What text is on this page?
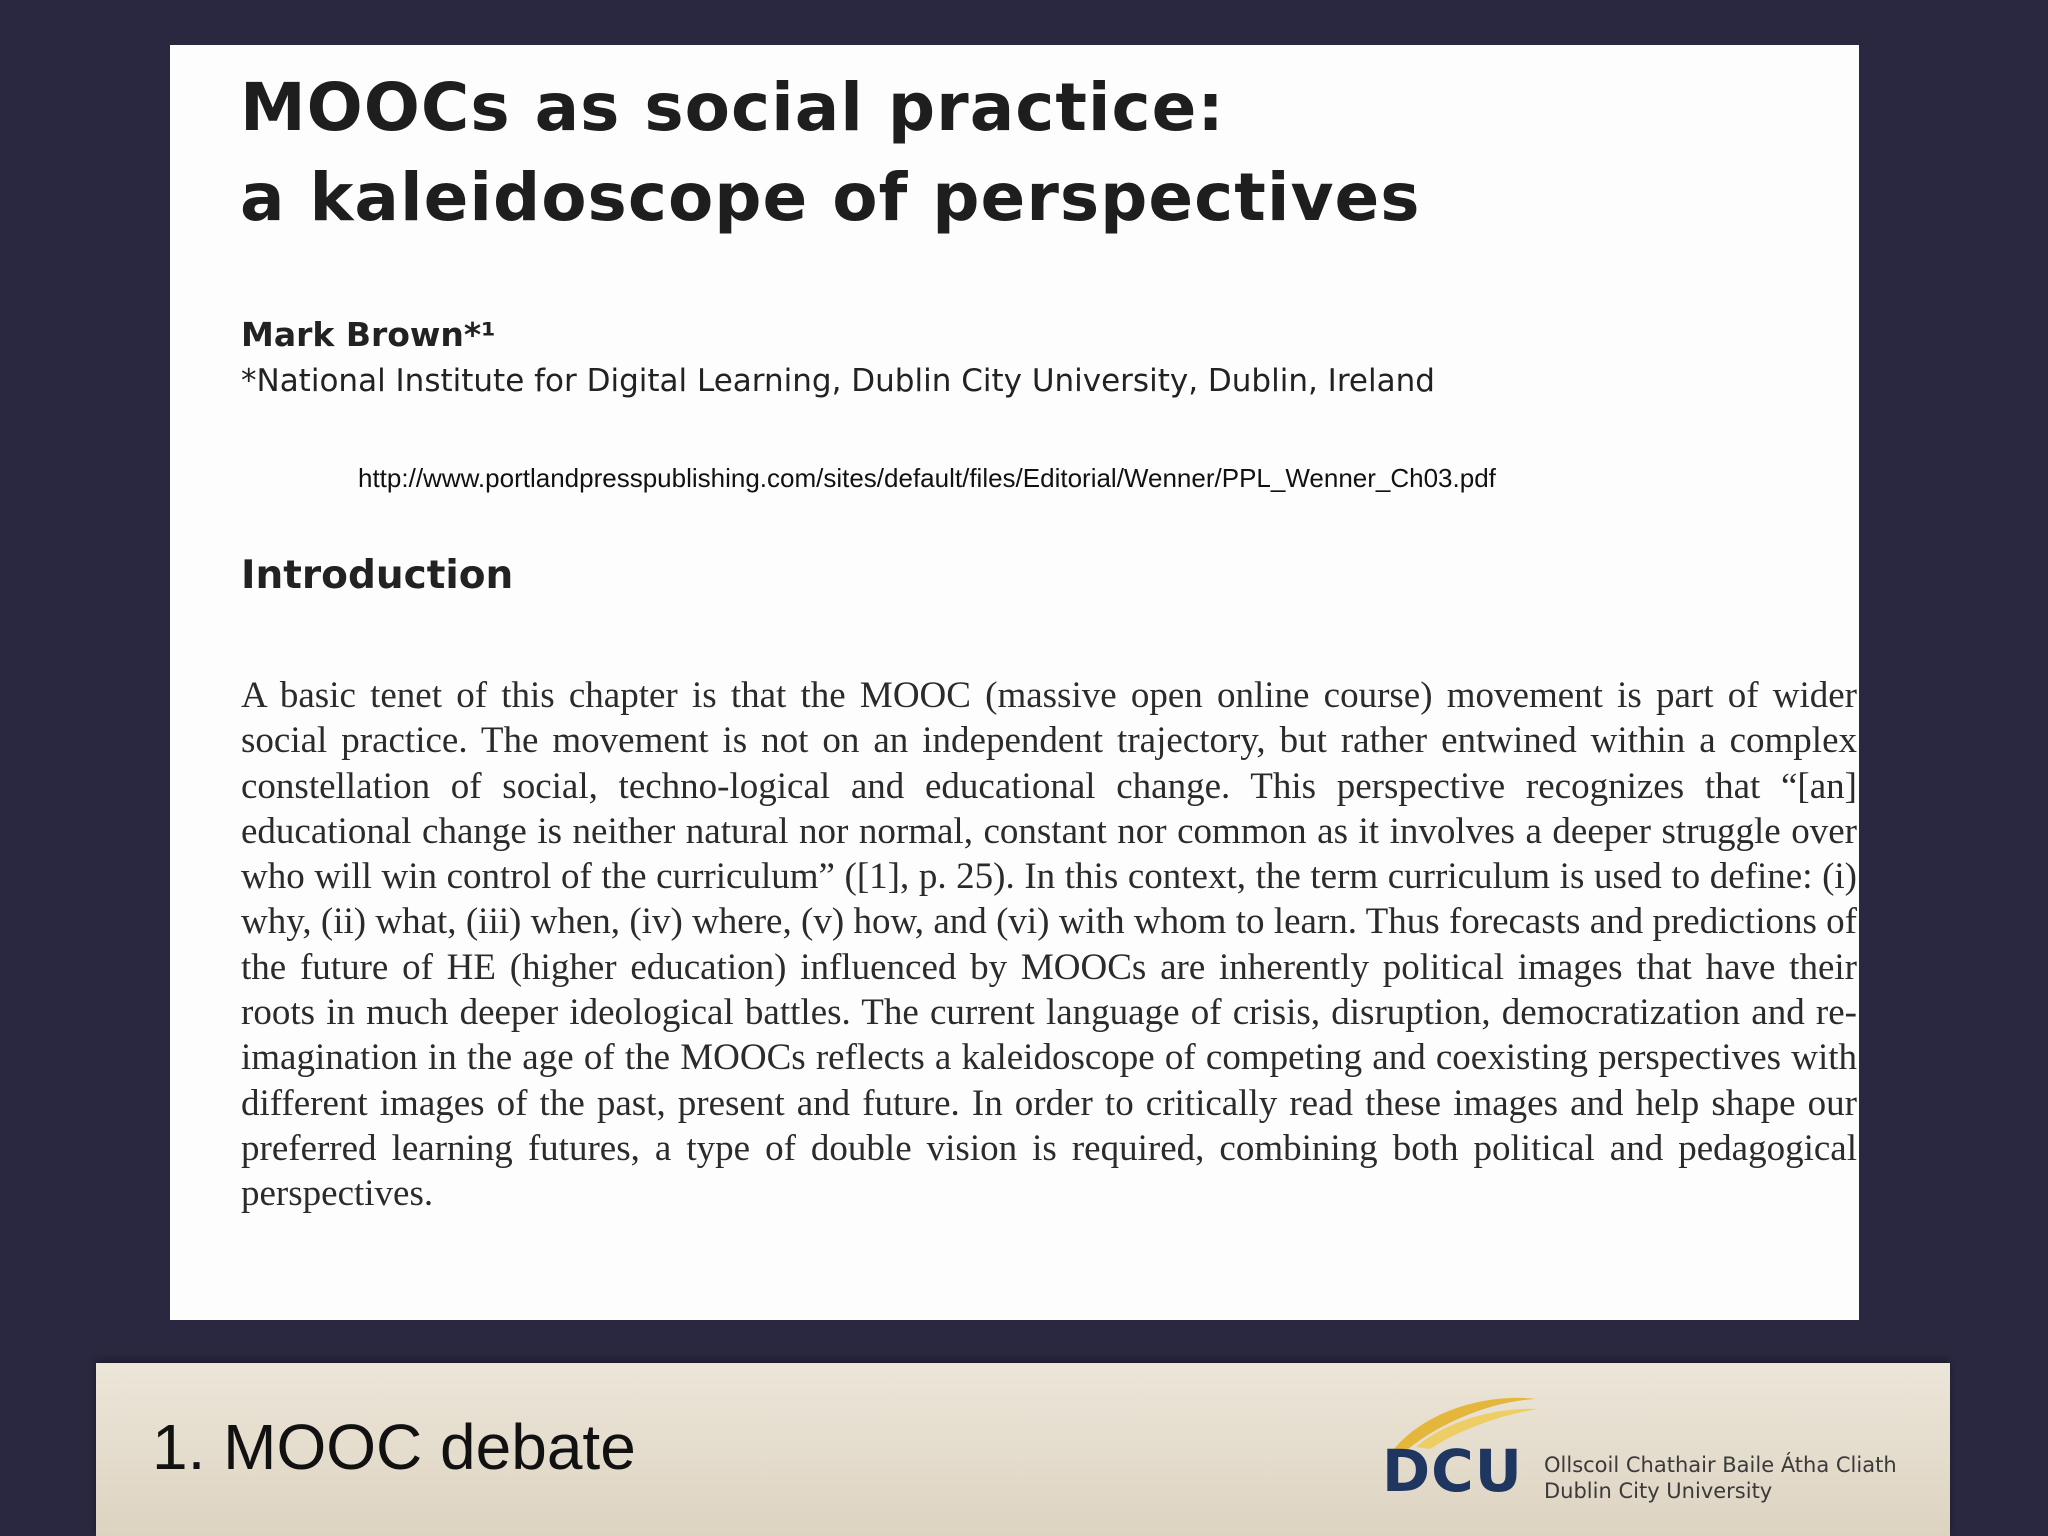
MOOCs as social practice:
a kaleidoscope of perspectives
Mark Brown*¹
*National Institute for Digital Learning, Dublin City University, Dublin, Ireland
http://www.portlandpresspublishing.com/sites/default/files/Editorial/Wenner/PPL_Wenner_Ch03.pdf
Introduction

A basic tenet of this chapter is that the MOOC (massive open online course) movement is part of wider social practice. The movement is not on an independent trajectory, but rather entwined within a complex constellation of social, techno-logical and educational change. This perspective recognizes that “[an] educational change is neither natural nor normal, constant nor common as it involves a deeper struggle over who will win control of the curriculum” ([1], p. 25). In this context, the term curriculum is used to define: (i) why, (ii) what, (iii) when, (iv) where, (v) how, and (vi) with whom to learn. Thus forecasts and predictions of the future of HE (higher education) influenced by MOOCs are inherently political images that have their roots in much deeper ideological battles. The current language of crisis, disruption, democratization and re-imagination in the age of the MOOCs reflects a kaleidoscope of competing and coexisting perspectives with different images of the past, present and future. In order to critically read these images and help shape our preferred learning futures, a type of double vision is required, combining both political and pedagogical perspectives.

1. MOOC debate	DCU Ollscoil Chathair Baile Átha Cliath
Dublin City University
